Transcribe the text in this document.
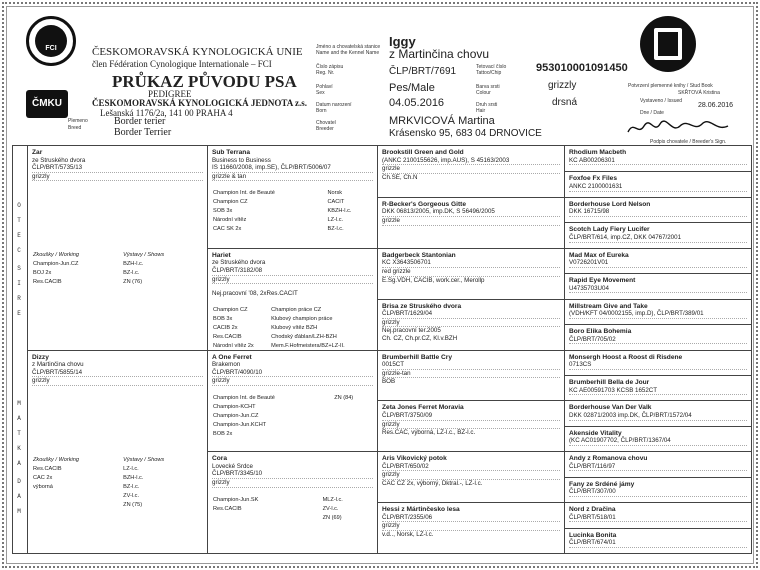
FCI
ČMKU
ČESKOMORAVSKÁ KYNOLOGICKÁ UNIE
člen Fédération Cynologique Internationale – FCI
PRŮKAZ PŮVODU PSA
PEDIGREE
ČESKOMORAVSKÁ KYNOLOGICKÁ JEDNOTA z.s.
Lešanská 1176/2a, 141 00 PRAHA 4
Plemeno
Breed
Border terier
Border Terrier
Jméno a chovatelská stanice
Name and the Kennel Name
Číslo zápisu
Reg. Nr.
Pohlaví
Sex
Datum narození
Born
Chovatel
Breeder
Iggy
z Martinčina chovu
ČLP/BRT/7691
Pes/Male
04.05.2016
MRKVICOVÁ Martina
Krásensko 95, 683 04 DRNOVICE
Tetovací číslo
Tattoo/Chip
Barva srsti
Colour
Druh srsti
Hair
953010001091450
grizzly
drsná
Potvrzení plemenné knihy / Stud Book
SKŘTOVÁ Kristina
Vystaveno / Issued
28.06.2016
Dne / Date
Podpis chovatele / Breeder's Sign.
OTEC
SIRE
MATKA
DAM
Zar
ze Struského dvora
ČLP/BRT/5735/13
grizzly
Zkoušky / Working	Výstavy / Shows
Champion-Jun.CZ	BZH-l.c.
BOJ 2x	BZ-l.c.
Res.CACIB	ZN (76)
Dizzy
z Martinčina chovu
ČLP/BRT/5855/14
grizzly
Zkoušky / Working	Výstavy / Shows
Res.CACIB	LZ-l.c.
CAC 2x	BZH-l.c.
výborná	BZ-l.c.
	ZV-l.c.
	ZN (75)
Sub Terrana
Business to Business
IS 11660/2008, imp.SE), ČLP/BRT/5006/07
grizzle & tan
Champion Int. de Beauté	Norsk
Champion CZ	CACIT
SOB 3x	KBZH-l.c.
Národní vítěz	LZ-l.c.
CAC SK 2x	BZ-l.c.
Hariet
ze Struského dvora
ČLP/BRT/3182/08
grizzly
Nej.pracovní '08, 2xRes.CACIT
Champion CZ	Champion práce CZ
BOB 3x	Klubový champion práce
CACIB 2x	Klubový vítěz BZH
Res.CACIB	Chodský ďáblan/LZH-BZH
Národní vítěz 2x	Mem.F.Hofmeistera/BZ+LZ-II.
A One Ferret
Brakemon
ČLP/BRT/4090/10
grizzly
Champion Int. de Beauté	ZN (84)
Champion-KCHT	
Champion-Jun.CZ	
Champion-Jun.KCHT	
BOB 2x	
Cora
Lovecké Srdce
ČLP/BRT/3345/10
grizzly
Champion-Jun.SK	MLZ-l.c.
Res.CACIB	ZV-l.c.
	ZN (69)
Brookstill Green and Gold
(ANKC 2100155626, imp.AUS), S 45163/2003
grizzle
Ch.SE, Ch.N
R-Becker's Gorgeous Gitte
DKK 06813/2005, imp.DK, S 56496/2005
grizzle
Badgerbeck Stantonian
KC X3643506701
red grizzle
E.Sg.VDH, CACIB, work.cer., Merollp
Brisa ze Struského dvora
ČLP/BRT/1629/04
grizzly
Nej.pracovní ter.2005
Ch. CZ, Ch.pr.CZ, Kl.v.BZH
Brumberhill Battle Cry
0015CT
grizzle-tan
BOB
Zeta Jones Ferret Moravia
ČLP/BRT/3750/09
grizzly
Res.CAC, výborná, LZ-l.c., BZ-l.c.
Aris Vikovický potok
ČLP/BRT/650/02
grizzly
CAC CZ 2x, výborný, Dktral.-, LZ-l.c.
Hessi z Mártinčesko lesa
ČLP/BRT/2355/06
grizzly
v.d.., Norsk, LZ-l.c.
Rhodium Macbeth
KC AB00206301
Foxfoe Fx Files
ANKC 2100001631
Borderhouse Lord Nelson
DKK 16715/98
Scotch Lady Fiery Lucifer
ČLP/BRT/614, imp.CZ, DKK 04767/2001
Mad Max of Eureka
V0726201V01
Rapid Eye Movement
U4735703U04
Millstream Give and Take
(VDH/KFT 04/0002155, imp.D), ČLP/BRT/389/01
Boro Elika Bohemia
ČLP/BRT/705/02
Monsergh Hoost a Roost di Risdene
0713CS
Brumberhill Bella de Jour
KC AE00591703 KCSB 1652CT
Borderhouse Van Der Valk
DKK 02871/2003 imp.DK, ČLP/BRT/1572/04
Akenside Vitality
(KC AC01907702, ČLP/BRT/1367/04
Andy z Romanova chovu
ČLP/BRT/116/97
Fany ze Srdéné jámy
ČLP/BRT/307/00
Nord z Dračina
ČLP/BRT/518/01
Lucinka Bonita
ČLP/BRT/674/01
